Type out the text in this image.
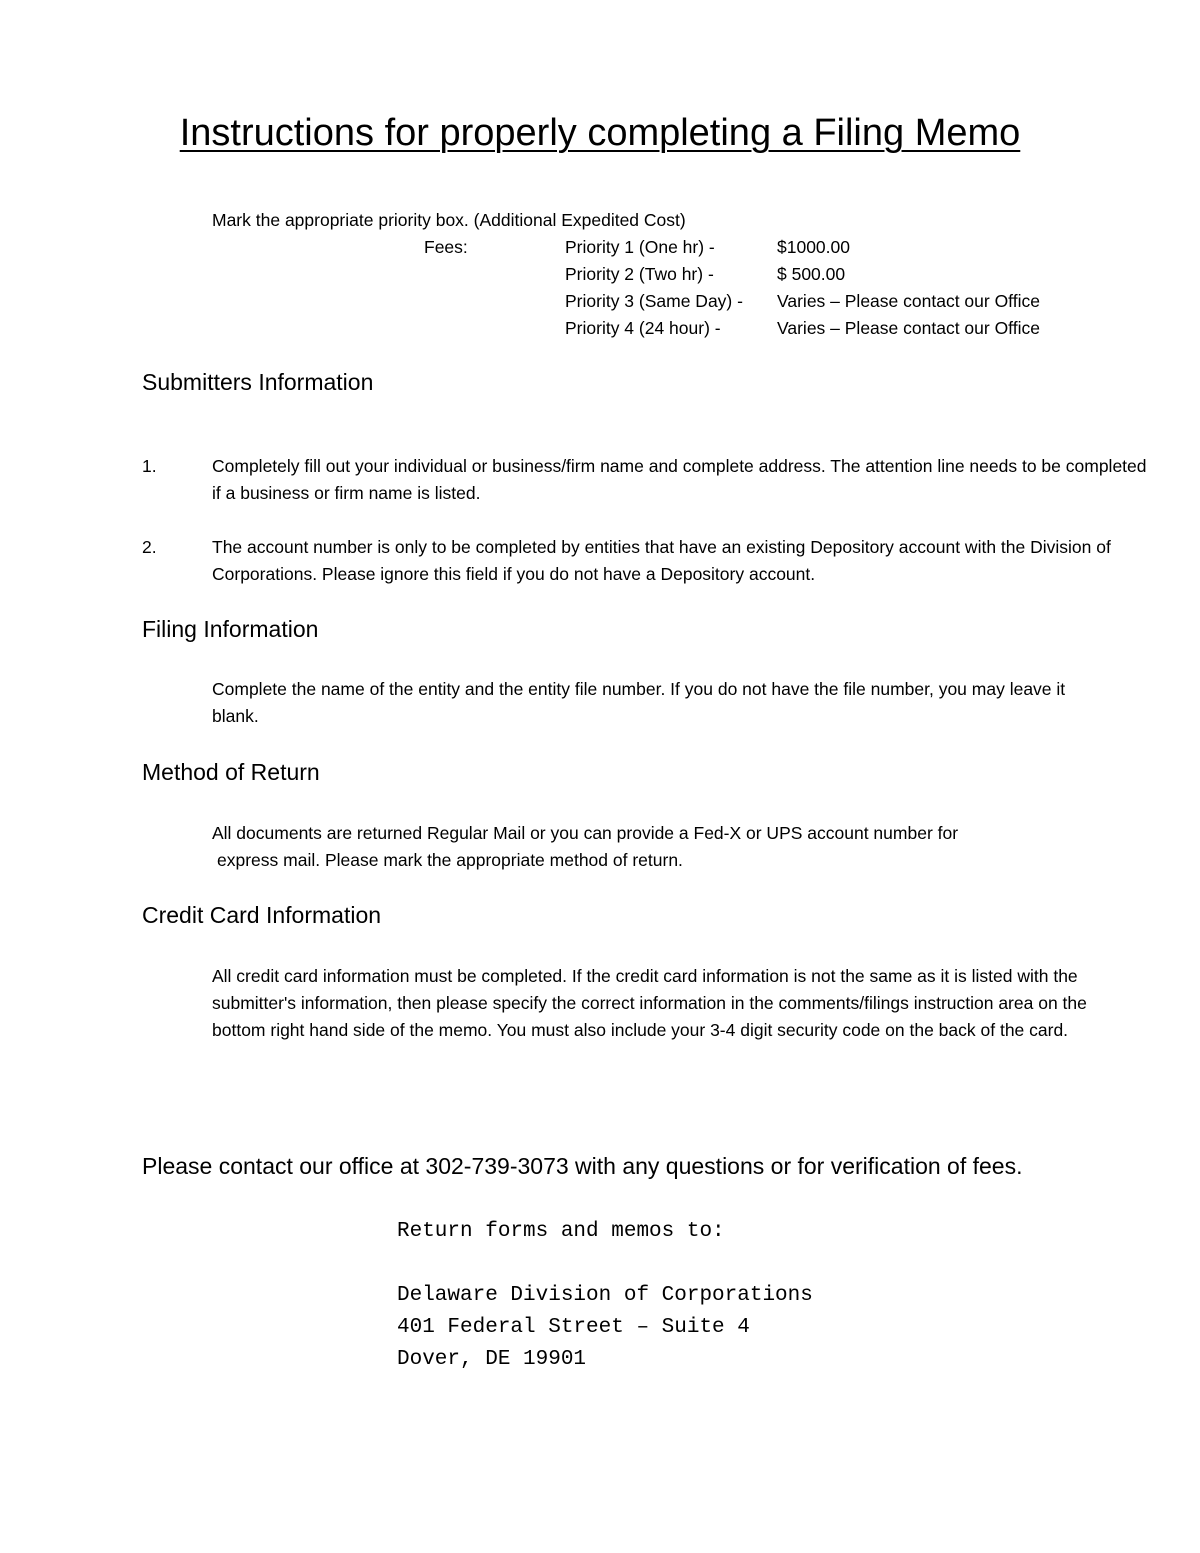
Instructions for properly completing a Filing Memo
Mark the appropriate priority box. (Additional Expedited Cost)
Fees:	Priority 1 (One hr) -	$1000.00
Priority 2 (Two hr) -	$ 500.00
Priority 3 (Same Day) - Varies – Please contact our Office
Priority 4 (24 hour) -	Varies – Please contact our Office
Submitters Information
1.	Completely fill out your individual or business/firm name and complete address. The attention line needs to be completed if a business or firm name is listed.
2.	The account number is only to be completed by entities that have an existing Depository account with the Division of Corporations. Please ignore this field if you do not have a Depository account.
Filing Information
Complete the name of the entity and the entity file number. If you do not have the file number, you may leave it blank.
Method of Return
All documents are returned Regular Mail or you can provide a Fed-X or UPS account number for
express mail. Please mark the appropriate method of return.
Credit Card Information
All credit card information must be completed. If the credit card information is not the same as it is listed with the submitter's information, then please specify the correct information in the comments/filings instruction area on the bottom right hand side of the memo. You must also include your 3-4 digit security code on the back of the card.
Please contact our office at 302-739-3073 with any questions or for verification of fees.
Return forms and memos to:
Delaware Division of Corporations
401 Federal Street – Suite 4
Dover, DE 19901
